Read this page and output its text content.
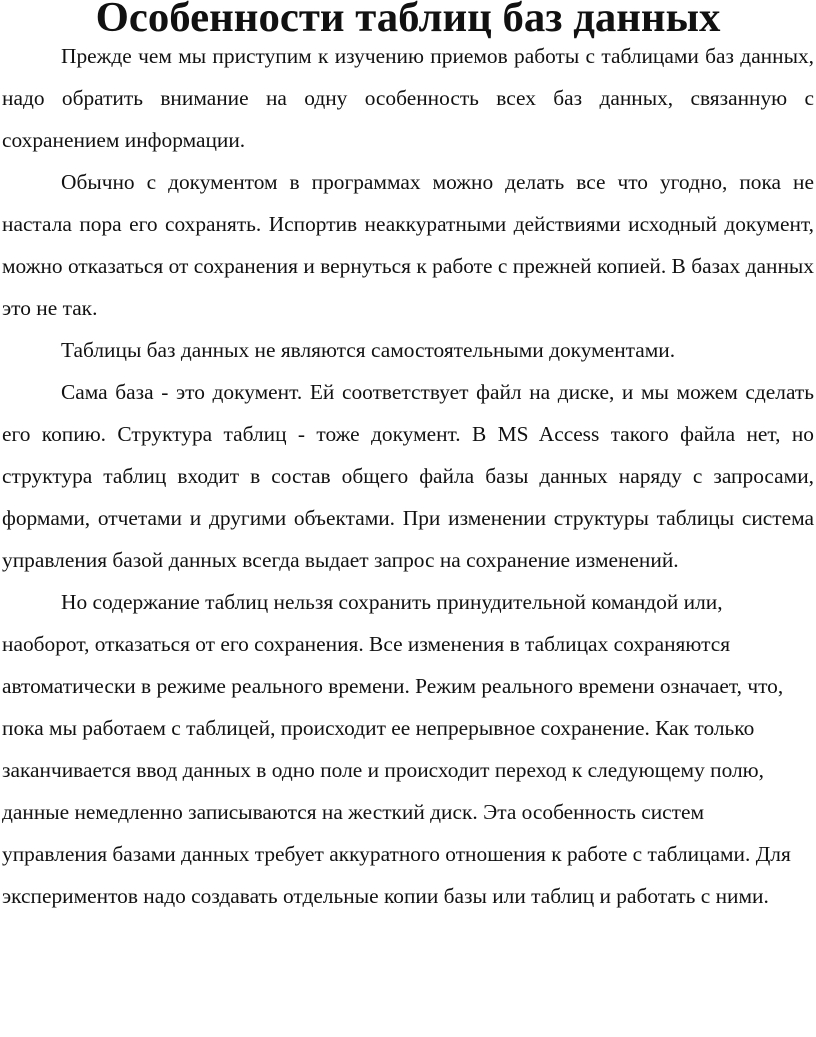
Особенности таблиц баз данных

Прежде чем мы приступим к изучению приемов работы с таблицами баз данных, надо обратить внимание на одну особенность всех баз данных, связанную с сохранением информации.

Обычно с документом в программах можно делать все что угодно, пока не настала пора его сохранять. Испортив неаккуратными действиями исходный документ, можно отказаться от сохранения и вернуться к работе с прежней копией. В базах данных это не так.

Таблицы баз данных не являются самостоятельными документами.

Сама база - это документ. Ей соответствует файл на диске, и мы можем сделать его копию. Структура таблиц - тоже документ. В MS Access такого файла нет, но структура таблиц входит в состав общего файла базы данных наряду с запросами, формами, отчетами и другими объектами. При изменении структуры таблицы система управления базой данных всегда выдает запрос на сохранение изменений.

Но содержание таблиц нельзя сохранить принудительной командой или, наоборот, отказаться от его сохранения. Все изменения в таблицах сохраняются автоматически в режиме реального времени. Режим реального времени означает, что, пока мы работаем с таблицей, происходит ее непрерывное сохранение. Как только заканчивается ввод данных в одно поле и происходит переход к следующему полю, данные немедленно записываются на жесткий диск. Эта особенность систем управления базами данных требует аккуратного отношения к работе с таблицами. Для экспериментов надо создавать отдельные копии базы или таблиц и работать с ними.
